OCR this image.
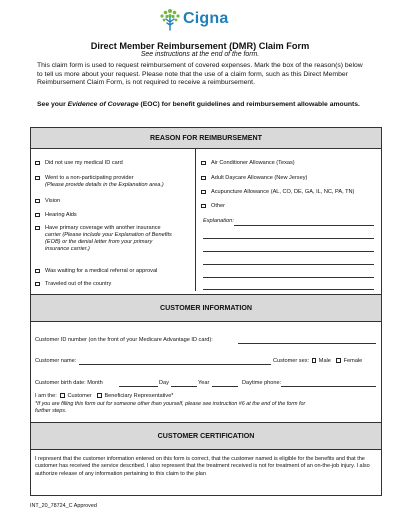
Cigna
Direct Member Reimbursement (DMR) Claim Form
See instructions at the end of the form.
This claim form is used to request reimbursement of covered expenses. Mark the box of the reason(s) below to tell us more about your request. Please note that the use of a claim form, such as this Direct Member Reimbursement Claim Form, is not required to receive a reimbursement.
See your Evidence of Coverage (EOC) for benefit guidelines and reimbursement allowable amounts.
REASON FOR REIMBURSEMENT
Did not use my medical ID card
Went to a non-participating provider
(Please provide details in the Explanation area.)
Vision
Hearing Aids
Have primary coverage with another insurance
carrier (Please include your Explanation of Benefits
(EOB) or the denial letter from your primary
insurance carrier.)
Was waiting for a medical referral or approval
Traveled out of the country
Air Conditioner Allowance (Texas)
Adult Daycare Allowance (New Jersey)
Acupuncture Allowance (AL, CO, DE, GA, IL, NC, PA, TN)
Other
Explanation:
CUSTOMER INFORMATION
Customer ID number (on the front of your Medicare Advantage ID card):
Customer name:	Customer sex: Male Female
Customer birth date: Month	Day	Year	Daytime phone:
I am the: Customer Beneficiary Representative*
*If you are filling this form out for someone other than yourself, please see instruction #6 at the end of the form for
further steps.
CUSTOMER CERTIFICATION
I represent that the customer information entered on this form is correct, that the customer named is eligible for the benefits and that the customer has received the service described. I also represent that the treatment received is not for treatment of an on-the-job injury. I also authorize release of any information pertaining to this claim to the plan
INT_20_78724_C Approved
